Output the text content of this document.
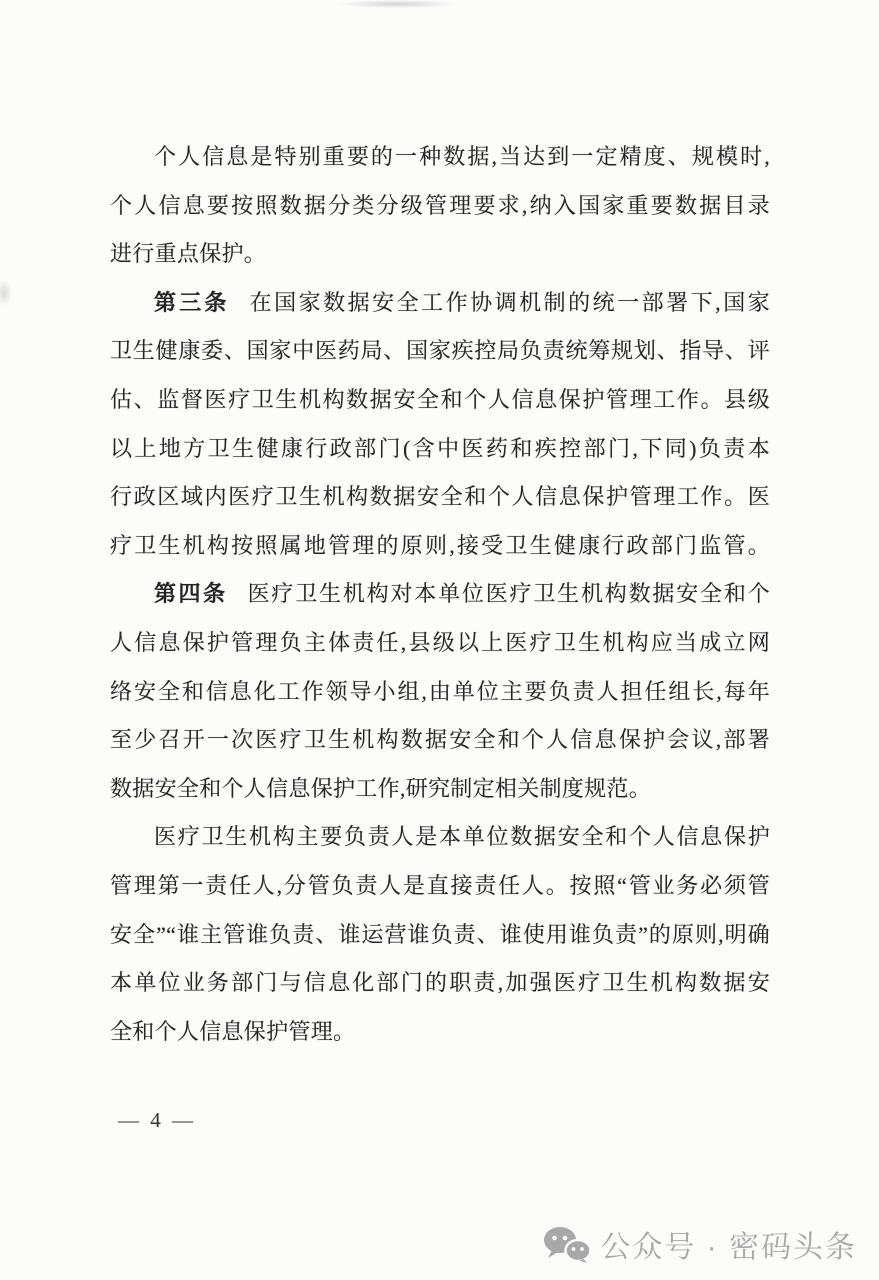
个人信息是特别重要的一种数据,当达到一定精度、规模时,
个人信息要按照数据分类分级管理要求,纳入国家重要数据目录
进行重点保护。
第三条 在国家数据安全工作协调机制的统一部署下,国家
卫生健康委、国家中医药局、国家疾控局负责统筹规划、指导、评
估、监督医疗卫生机构数据安全和个人信息保护管理工作。县级
以上地方卫生健康行政部门(含中医药和疾控部门,下同)负责本
行政区域内医疗卫生机构数据安全和个人信息保护管理工作。医
疗卫生机构按照属地管理的原则,接受卫生健康行政部门监管。
第四条 医疗卫生机构对本单位医疗卫生机构数据安全和个
人信息保护管理负主体责任,县级以上医疗卫生机构应当成立网
络安全和信息化工作领导小组,由单位主要负责人担任组长,每年
至少召开一次医疗卫生机构数据安全和个人信息保护会议,部署
数据安全和个人信息保护工作,研究制定相关制度规范。
医疗卫生机构主要负责人是本单位数据安全和个人信息保护
管理第一责任人,分管负责人是直接责任人。按照“管业务必须管
安全”“谁主管谁负责、谁运营谁负责、谁使用谁负责”的原则,明确
本单位业务部门与信息化部门的职责,加强医疗卫生机构数据安
全和个人信息保护管理。
— 4 —
公众号 · 密码头条
